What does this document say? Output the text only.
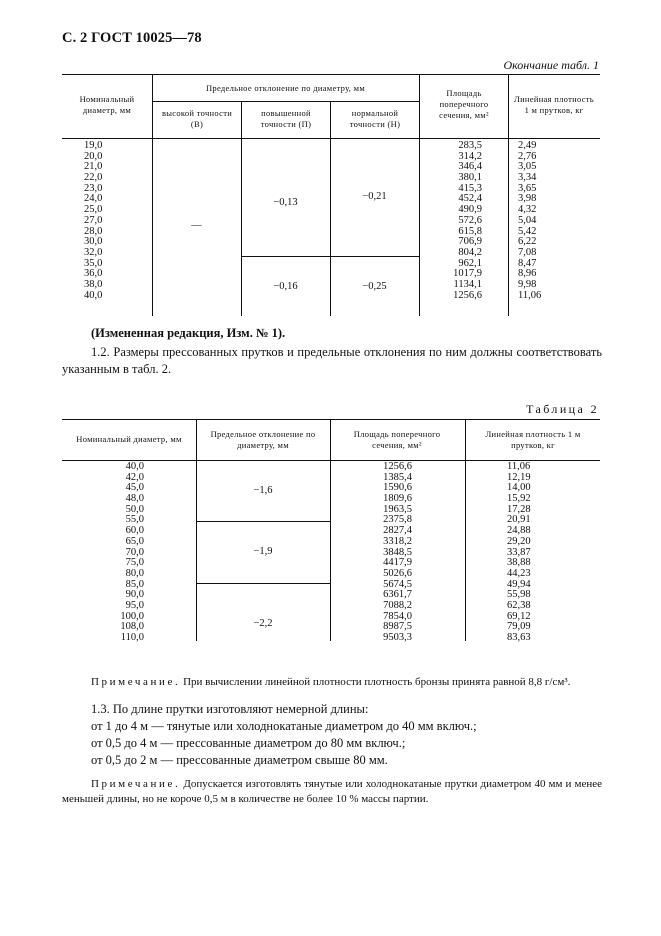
С. 2 ГОСТ 10025—78
Окончание табл. 1
Номинальный диаметр, мм
Предельное отклонение по диаметру, мм
высокой точности (В)
повышенной точности (П)
нормальной точности (Н)
Площадь поперечного сечения, мм²
Линейная плотность 1 м прутков, кг
19,0
20,0
21,0
22,0
23,0
24,0
25,0
27,0
28,0
30,0
32,0
35,0
36,0
38,0
40,0
283,5
314,2
346,4
380,1
415,3
452,4
490,9
572,6
615,8
706,9
804,2
962,1
1017,9
1134,1
1256,6
2,49
2,76
3,05
3,34
3,65
3,98
4,32
5,04
5,42
6,22
7,08
8,47
8,96
9,98
11,06
—
−0,13
−0,16
−0,21
−0,25
(Измененная редакция, Изм. № 1).
1.2. Размеры прессованных прутков и предельные отклонения по ним должны соответствовать указанным в табл. 2.
Таблица 2
Номинальный диаметр, мм	Предельное отклонение по диаметру, мм
Площадь поперечного сечения, мм²
Линейная плотность 1 м прутков, кг
40,0
42,0
45,0
48,0
50,0
55,0
60,0
65,0
70,0
75,0
80,0
85,0
90,0
95,0
100,0
108,0
110,0
1256,6
1385,4
1590,6
1809,6
1963,5
2375,8
2827,4
3318,2
3848,5
4417,9
5026,6
5674,5
6361,7
7088,2
7854,0
8987,5
9503,3
11,06
12,19
14,00
15,92
17,28
20,91
24,88
29,20
33,87
38,88
44,23
49,94
55,98
62,38
69,12
79,09
83,63
−1,6
−1,9
−2,2
Примечание. При вычислении линейной плотности плотность бронзы принята равной 8,8 г/см³.
1.3. По длине прутки изготовляют немерной длины:
от 1 до 4 м — тянутые или холоднокатаные диаметром до 40 мм включ.;
от 0,5 до 4 м — прессованные диаметром до 80 мм включ.;
от 0,5 до 2 м — прессованные диаметром свыше 80 мм.
Примечание. Допускается изготовлять тянутые или холоднокатаные прутки диаметром 40 мм и менее меньшей длины, но не короче 0,5 м в количестве не более 10 % массы партии.
